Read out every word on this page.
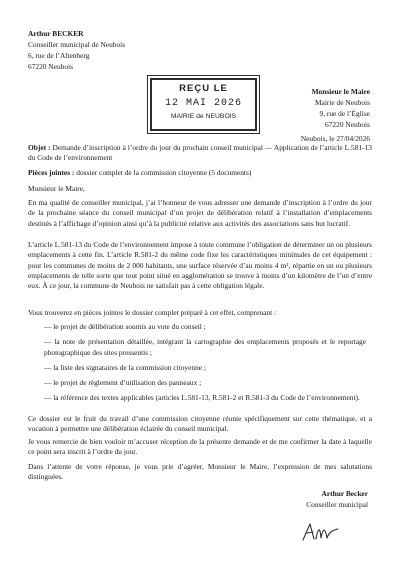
Arthur BECKER
Conseiller municipal de Neubois
6, rue de l’Altenberg
67220 Neubois
REÇU LE
12 MAI 2026
MAIRIE de NEUBOIS
Monsieur le Maire
Mairie de Neubois
9, rue de l’Église
67220 Neubois
Neubois, le 27/04/2026
Objet : Demande d’inscription à l’ordre du jour du prochain conseil municipal — Application de l’article L.581-13 du Code de l’environnement
Pièces jointes : dossier complet de la commission citoyenne (5 documents)
Monsieur le Maire,
En ma qualité de conseiller municipal, j’ai l’honneur de vous adresser une demande d’inscription à l’ordre du jour de la prochaine séance du conseil municipal d’un projet de délibération relatif à l’installation d’emplacements destinés à l’affichage d’opinion ainsi qu’à la publicité relative aux activités des associations sans but lucratif.
L’article L.581-13 du Code de l’environnement impose à toute commune l’obligation de déterminer un ou plusieurs emplacements à cette fin. L’article R.581-2 du même code fixe les caractéristiques minimales de cet équipement : pour les communes de moins de 2 000 habitants, une surface réservée d’au moins 4 m², répartie en un ou plusieurs emplacements de telle sorte que tout point situé en agglomération se trouve à moins d’un kilomètre de l’un d’entre eux. À ce jour, la commune de Neubois ne satisfait pas à cette obligation légale.
Vous trouverez en pièces jointes le dossier complet préparé à cet effet, comprenant :
— le projet de délibération soumis au vote du conseil ;
— la note de présentation détaillée, intégrant la cartographie des emplacements proposés et le reportage photographique des sites pressentis ;
— la liste des signataires de la commission citoyenne ;
— le projet de règlement d’utilisation des panneaux ;
— la référence des textes applicables (articles L.581-13, R.581-2 et R.581-3 du Code de l’environnement).
Ce dossier est le fruit du travail d’une commission citoyenne réunie spécifiquement sur cette thématique, et a vocation à permettre une délibération éclairée du conseil municipal.
Je vous remercie de bien vouloir m’accuser réception de la présente demande et de me confirmer la date à laquelle ce point sera inscrit à l’ordre du jour.
Dans l’attente de votre réponse, je vous prie d’agréer, Monsieur le Maire, l’expression de mes salutations distinguées.
Arthur Becker
Conseiller municipal
